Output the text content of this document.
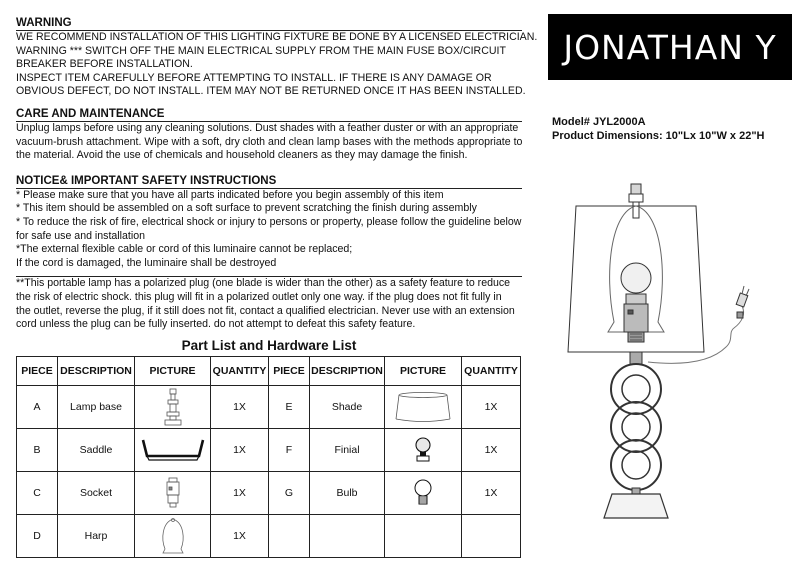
WARNING

WE RECOMMEND INSTALLATION OF THIS LIGHTING FIXTURE BE DONE BY A LICENSED ELECTRICIAN.

WARNING *** SWITCH OFF THE MAIN ELECTRICAL SUPPLY FROM THE MAIN FUSE BOX/CIRCUIT

BREAKER BEFORE INSTALLATION.

INSPECT ITEM CAREFULLY BEFORE ATTEMPTING TO INSTALL. IF THERE IS ANY DAMAGE OR

OBVIOUS DEFECT, DO NOT INSTALL. ITEM MAY NOT BE RETURNED ONCE IT HAS BEEN INSTALLED.

CARE AND MAINTENANCE

Unplug lamps before using any cleaning solutions. Dust shades with a feather duster or with an appropriate

vacuum-brush attachment. Wipe with a soft, dry cloth and clean lamp bases with the methods appropriate to

the material. Avoid the use of chemicals and household cleaners as they may damage the finish.

NOTICE& IMPORTANT SAFETY INSTRUCTIONS

* Please make sure that you have all parts indicated before you begin assembly of this item

* This item should be assembled on a soft surface to prevent scratching the finish during assembly

* To reduce the risk of fire, electrical shock or injury to persons or property, please follow the guideline below

for safe use and installation

*The external flexible cable or cord of this luminaire cannot be replaced;

If the cord is damaged, the luminaire shall be destroyed

**This portable lamp has a polarized plug (one blade is wider than the other) as a safety feature to reduce

the risk of electric shock. this plug will fit in a polarized outlet only one way. if the plug does not fit fully in

the outlet, reverse the plug, if it still does not fit, contact a qualified electrician. Never use with an extension

cord unless the plug can be fully inserted. do not attempt to defeat this safety feature.

Part List and Hardware List
PIECE	DESCRIPTION	PICTURE	QUANTITY	PIECE	DESCRIPTION	PICTURE	QUANTITY
A	Lamp base		1X	E	Shade		1X
B	Saddle		1X	F	Finial		1X
C	Socket		1X	G	Bulb		1X
D	Harp		1X				
JONATHAN Y
Model# JYL2000A
Product Dimensions: 10"Lx 10"W x 22"H
